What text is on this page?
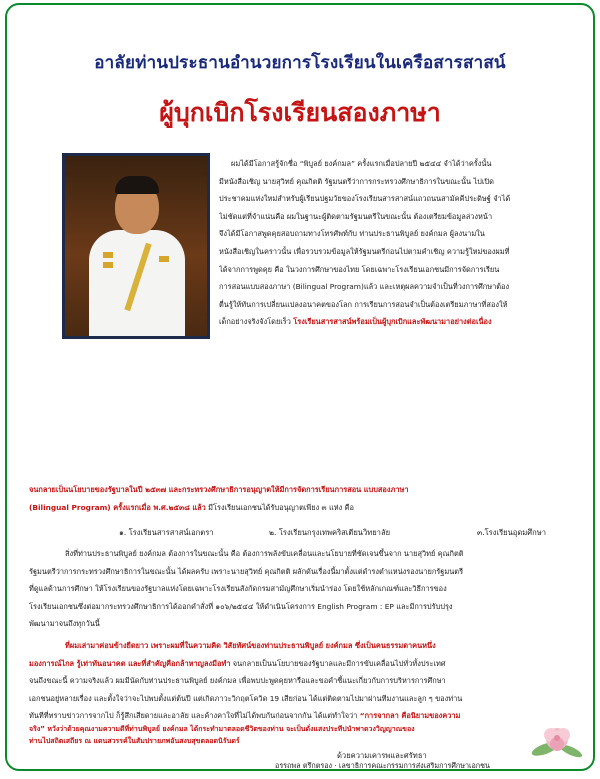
อาลัยท่านประธานอำนวยการโรงเรียนในเครือสารสาสน์
ผู้บุกเบิกโรงเรียนสองภาษา
ผมได้มีโอกาสรู้จักชื่อ “พิบูลย์ ยงค์กมล” ครั้งแรกเมื่อปลายปี ๒๕๔๔ จำได้ว่าครั้งนั้น
มีหนังสือเชิญ นายสุวิทย์ คุณกิตติ รัฐมนตรีว่าการกระทรวงศึกษาธิการในขณะนั้น ไปเปิด
ประชาคมแห่งใหม่สำหรับผู้เรียนปฐมวัยของโรงเรียนสารสาสน์แถวถนนสามัคคีประดิษฐ์ จำได้
ไม่ชัดแต่ที่จำแน่นคือ ผมในฐานะผู้ติดตามรัฐมนตรีในขณะนั้น ต้องเตรียมข้อมูลล่วงหน้า
จึงได้มีโอกาสพูดคุยสอบถามทางโทรศัพท์กับ ท่านประธานพิบูลย์ ยงค์กมล ผู้ลงนามใน
หนังสือเชิญในคราวนั้น เพื่อรวบรวมข้อมูลให้รัฐมนตรีก่อนไปตามคำเชิญ ความรู้ใหม่ของผมที่
ได้จากการพูดคุย คือ ในวงการศึกษาของไทย โดยเฉพาะโรงเรียนเอกชนมีการจัดการเรียน
การสอนแบบสองภาษา (Bilingual Program)แล้ว และเหตุผลความจำเป็นที่วงการศึกษาต้อง
ตื่นรู้ให้ทันการเปลี่ยนแปลงอนาคตของโลก การเรียนการสอนจำเป็นต้องเตรียมภาษาที่สองให้
เด็กอย่างจริงจังโดยเร็ว โรงเรียนสารสาสน์พร้อมเป็นผู้บุกเบิกและพัฒนามาอย่างต่อเนื่อง
จนกลายเป็นนโยบายของรัฐบาลในปี ๒๕๓๗ และกระทรวงศึกษาธิการอนุญาตให้มีการจัดการเรียนการสอน แบบสองภาษา
(Bilingual Program) ครั้งแรกเมื่อ พ.ศ.๒๕๓๘ แล้ว มีโรงเรียนเอกชนได้รับอนุญาตเพียง ๓ แห่ง คือ
๑. โรงเรียนสารสาสน์เอกตรา	๒. โรงเรียนกรุงเทพคริสเตียนวิทยาลัย	๓.โรงเรียนอุดมศึกษา
สิ่งที่ท่านประธานพิบูลย์ ยงค์กมล ต้องการในขณะนั้น คือ ต้องการพลังขับเคลื่อนและนโยบายที่ชัดเจนขึ้นจาก นายสุวิทย์ คุณกิตติ
รัฐมนตรีว่าการกระทรวงศึกษาธิการในขณะนั้น ได้ผลครับ เพราะนายสุวิทย์ คุณกิตติ ผลักดันเรื่องนี้มาตั้งแต่ดำรงตำแหน่งรองนายกรัฐมนตรี
ที่ดูแลด้านการศึกษา ให้โรงเรียนของรัฐบาลแห่งโดยเฉพาะโรงเรียนสังกัดกรมสามัญศึกษาเริ่มนำร่อง โดยใช้หลักเกณฑ์และวิธีการของ
โรงเรียนเอกชนซึ่งต่อมากระทรวงศึกษาธิการได้ออกคำสั่งที่ ๑๐๖/๒๕๔๔ ให้ดำเนินโครงการ English Program : EP และมีการปรับปรุง
พัฒนามาจนถึงทุกวันนี้
ที่ผมเล่ามาค่อนข้างยืดยาว เพราะผมที่ในความคิด วิสัยทัศน์ของท่านประธานพิบูลย์ ยงค์กมล ซึ่งเป็นคนธรรมดาคนหนึ่ง
มองการณ์ไกล รู้เท่าทันอนาคต และที่สำคัญคือกล้าหาญลงมือทำ จนกลายเป็นนโยบายของรัฐบาลและมีการขับเคลื่อนไปทั่วทั้งประเทศ
จนถึงขณะนี้ ความจริงแล้ว ผมมีนัดกับท่านประธานพิบูลย์ ยงค์กมล เพื่อพบปะพูดคุยหารือและขอคำชี้แนะเกี่ยวกับการบริหารการศึกษา
เอกชนอยู่หลายเรื่อง และตั้งใจว่าจะไปพบตั้งแต่ต้นปี แต่เกิดภาวะวิกฤตโควิด 19 เสียก่อน ได้แต่ติดตามไปมาผ่านทีมงานและลูก ๆ ของท่าน
ทันทีที่ทราบข่าวการจากไป ก็รู้สึกเสียดายและอาลัย และค้างคาใจที่ไม่ได้พบกันก่อนจากกัน ได้แต่ทำใจว่า “การจากลา คือนิยามของความ
จริง” หวังว่าด้วยคุณงามความดีที่ท่านพิบูลย์ ยงค์กมล ได้กระทำมาตลอดชีวิตของท่าน จะเป็นดั่งแสงประทีปนำพาดวงวิญญาณของ
ท่านไปสถิตเสถียร ณ แดนสวรรค์ในสัมปรายภพอันสงบสุขตลอดนิรันดร์
ด้วยความเคารพและศรัทธา
อรรถพล ตรึกตรอง · เลขาธิการคณะกรรมการส่งเสริมการศึกษาเอกชน
